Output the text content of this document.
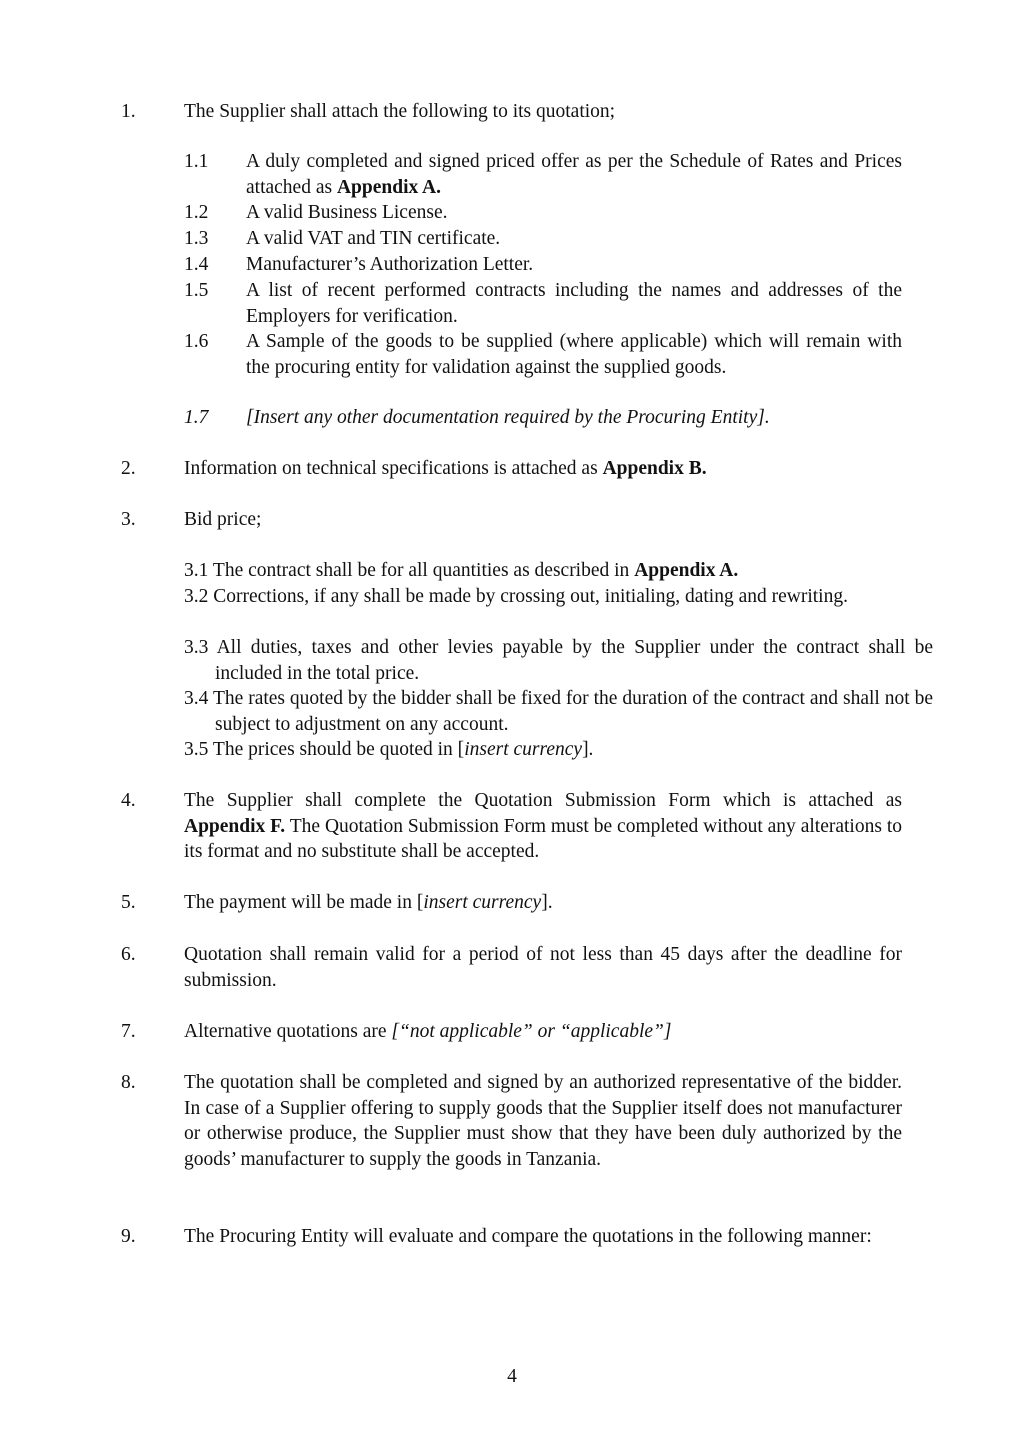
1. The Supplier shall attach the following to its quotation;
1.1 A duly completed and signed priced offer as per the Schedule of Rates and Prices attached as Appendix A.
1.2 A valid Business License.
1.3 A valid VAT and TIN certificate.
1.4 Manufacturer’s Authorization Letter.
1.5 A list of recent performed contracts including the names and addresses of the Employers for verification.
1.6 A Sample of the goods to be supplied (where applicable) which will remain with the procuring entity for validation against the supplied goods.
1.7 [Insert any other documentation required by the Procuring Entity].
2. Information on technical specifications is attached as Appendix B.
3. Bid price;
3.1 The contract shall be for all quantities as described in Appendix A.
3.2 Corrections, if any shall be made by crossing out, initialing, dating and rewriting.
3.3 All duties, taxes and other levies payable by the Supplier under the contract shall be included in the total price.
3.4 The rates quoted by the bidder shall be fixed for the duration of the contract and shall not be subject to adjustment on any account.
3.5 The prices should be quoted in [insert currency].
4. The Supplier shall complete the Quotation Submission Form which is attached as Appendix F. The Quotation Submission Form must be completed without any alterations to its format and no substitute shall be accepted.
5. The payment will be made in [insert currency].
6. Quotation shall remain valid for a period of not less than 45 days after the deadline for submission.
7. Alternative quotations are [“not applicable” or “applicable”]
8. The quotation shall be completed and signed by an authorized representative of the bidder. In case of a Supplier offering to supply goods that the Supplier itself does not manufacturer or otherwise produce, the Supplier must show that they have been duly authorized by the goods’ manufacturer to supply the goods in Tanzania.
9. The Procuring Entity will evaluate and compare the quotations in the following manner:
4
